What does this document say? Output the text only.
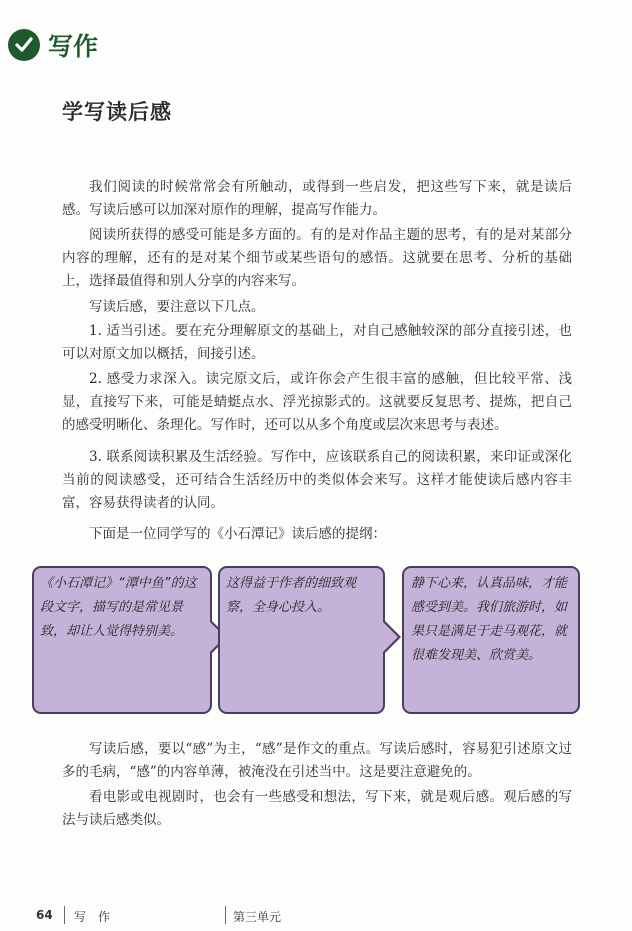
写作
学写读后感

我们阅读的时候常常会有所触动，或得到一些启发，把这些写下来，就是读后感。写读后感可以加深对原作的理解，提高写作能力。

阅读所获得的感受可能是多方面的。有的是对作品主题的思考，有的是对某部分内容的理解，还有的是对某个细节或某些语句的感悟。这就要在思考、分析的基础上，选择最值得和别人分享的内容来写。

写读后感，要注意以下几点。

1. 适当引述。要在充分理解原文的基础上，对自己感触较深的部分直接引述，也可以对原文加以概括，间接引述。

2. 感受力求深入。读完原文后，或许你会产生很丰富的感触，但比较平常、浅显，直接写下来，可能是蜻蜓点水、浮光掠影式的。这就要反复思考、提炼，把自己的感受明晰化、条理化。写作时，还可以从多个角度或层次来思考与表述。

3. 联系阅读积累及生活经验。写作中，应该联系自己的阅读积累，来印证或深化当前的阅读感受，还可结合生活经历中的类似体会来写。这样才能使读后感内容丰富，容易获得读者的认同。

下面是一位同学写的《小石潭记》读后感的提纲：

《小石潭记》“潭中鱼”的这段文字，描写的是常见景致，却让人觉得特别美。

这得益于作者的细致观察，全身心投入。

静下心来，认真品味，才能感受到美。我们旅游时，如果只是满足于走马观花，就很难发现美、欣赏美。

写读后感，要以“感”为主，“感”是作文的重点。写读后感时，容易犯引述原文过多的毛病，“感”的内容单薄，被淹没在引述当中。这是要注意避免的。

看电影或电视剧时，也会有一些感受和想法，写下来，就是观后感。观后感的写法与读后感类似。

64 写　作	第三单元
